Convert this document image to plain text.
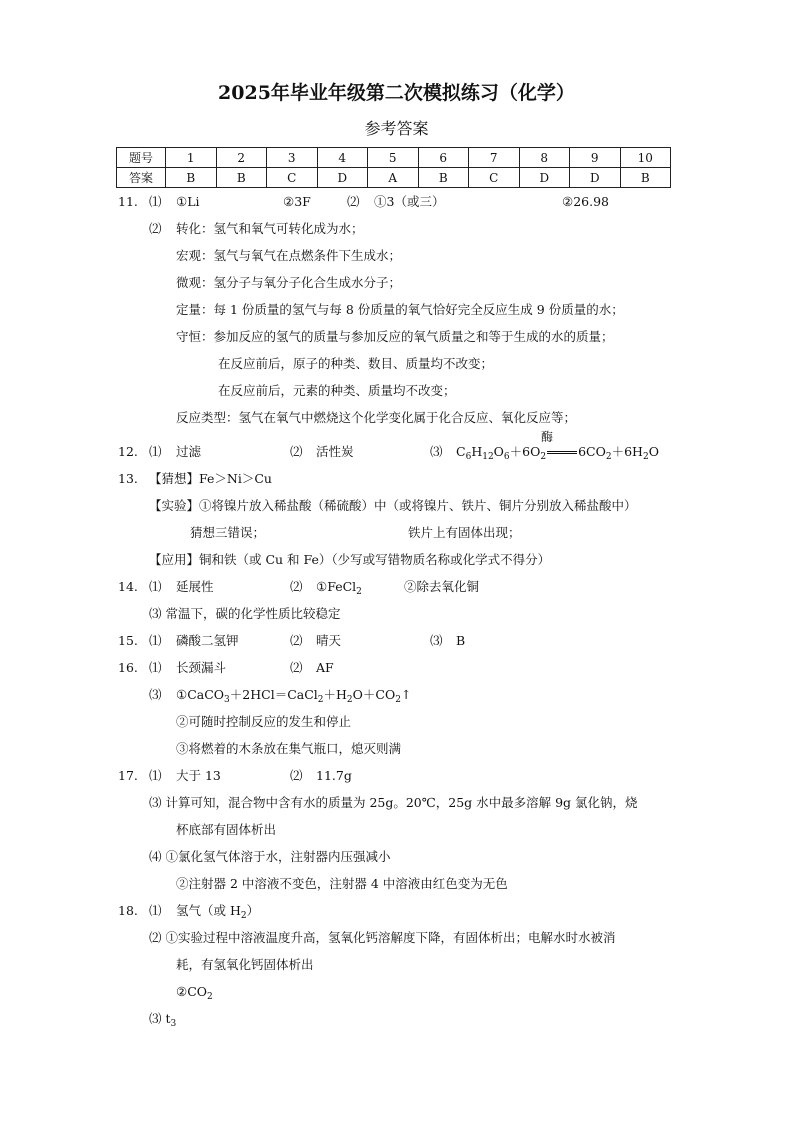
2025年毕业年级第二次模拟练习（化学）
参考答案
题号	1	2	3	4	5	6	7	8	9	10
答案	B	B	C	D	A	B	C	D	D	B
11. ⑴ ①Li	②3F	⑵ ①3（或三）	②26.98
⑵ 转化：氢气和氧气可转化成为水；
宏观：氢气与氧气在点燃条件下生成水；
微观：氢分子与氧分子化合生成水分子；
定量：每 1 份质量的氢气与每 8 份质量的氧气恰好完全反应生成 9 份质量的水；
守恒：参加反应的氢气的质量与参加反应的氧气质量之和等于生成的水的质量；
在反应前后，原子的种类、数目、质量均不改变；
在反应前后，元素的种类、质量均不改变；
反应类型：氢气在氧气中燃烧这个化学变化属于化合反应、氧化反应等；
12. ⑴ 过滤	⑵ 活性炭	⑶
酶
$C_6H_{12}O_6+6O_2$	$6CO_2+6H_2O$
13. 【猜想】Fe＞Ni＞Cu
【实验】①将镍片放入稀盐酸（稀硫酸）中（或将镍片、铁片、铜片分别放入稀盐酸中）
猜想三错误；	铁片上有固体出现；
【应用】铜和铁（或 Cu 和 Fe）（少写或写错物质名称或化学式不得分）
14. ⑴ 延展性	⑵ ①FeCl$_2$	②除去氧化铜
⑶ 常温下，碳的化学性质比较稳定
15. ⑴ 磷酸二氢钾	⑵ 晴天	⑶ B
16. ⑴ 长颈漏斗	⑵ AF
⑶ $①CaCO_3+2HCl=CaCl_2+H_2O+CO_2↑$
②可随时控制反应的发生和停止
③将燃着的木条放在集气瓶口，熄灭则满
17. ⑴ 大于 13	⑵ 11.7g
⑶ 计算可知，混合物中含有水的质量为 25g。20℃，25g 水中最多溶解 9g 氯化钠，烧
杯底部有固体析出
⑷ ①氯化氢气体溶于水，注射器内压强减小
②注射器 2 中溶液不变色，注射器 4 中溶液由红色变为无色
18. ⑴ 氢气（或 $H_2$）
⑵ ①实验过程中溶液温度升高，氢氧化钙溶解度下降，有固体析出；电解水时水被消
耗，有氢氧化钙固体析出
$②CO_2$
⑶ $t_3$
